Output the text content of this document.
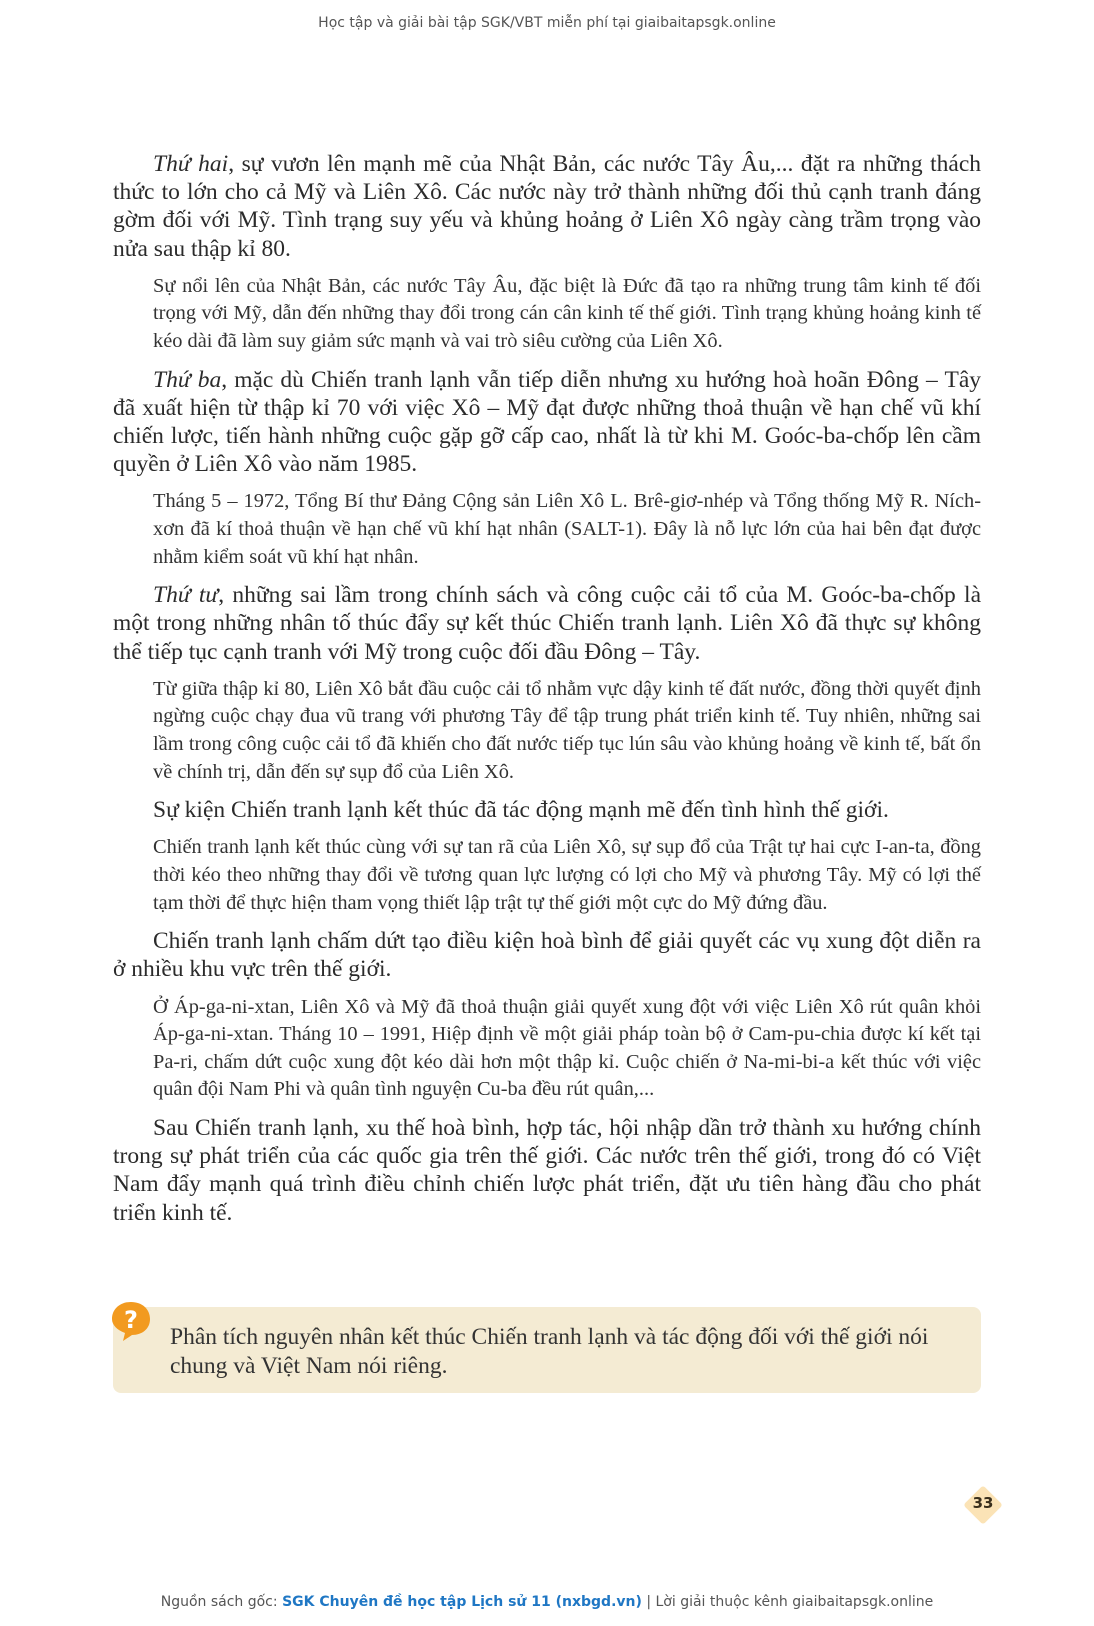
Học tập và giải bài tập SGK/VBT miễn phí tại giaibaitapsgk.online

Thứ hai, sự vươn lên mạnh mẽ của Nhật Bản, các nước Tây Âu,... đặt ra những thách thức to lớn cho cả Mỹ và Liên Xô. Các nước này trở thành những đối thủ cạnh tranh đáng gờm đối với Mỹ. Tình trạng suy yếu và khủng hoảng ở Liên Xô ngày càng trầm trọng vào nửa sau thập kỉ 80.

Sự nổi lên của Nhật Bản, các nước Tây Âu, đặc biệt là Đức đã tạo ra những trung tâm kinh tế đối trọng với Mỹ, dẫn đến những thay đổi trong cán cân kinh tế thế giới. Tình trạng khủng hoảng kinh tế kéo dài đã làm suy giảm sức mạnh và vai trò siêu cường của Liên Xô.

Thứ ba, mặc dù Chiến tranh lạnh vẫn tiếp diễn nhưng xu hướng hoà hoãn Đông – Tây đã xuất hiện từ thập kỉ 70 với việc Xô – Mỹ đạt được những thoả thuận về hạn chế vũ khí chiến lược, tiến hành những cuộc gặp gỡ cấp cao, nhất là từ khi M. Goóc-ba-chốp lên cầm quyền ở Liên Xô vào năm 1985.

Tháng 5 – 1972, Tổng Bí thư Đảng Cộng sản Liên Xô L. Brê-giơ-nhép và Tổng thống Mỹ R. Ních-xơn đã kí thoả thuận về hạn chế vũ khí hạt nhân (SALT-1). Đây là nỗ lực lớn của hai bên đạt được nhằm kiểm soát vũ khí hạt nhân.

Thứ tư, những sai lầm trong chính sách và công cuộc cải tổ của M. Goóc-ba-chốp là một trong những nhân tố thúc đẩy sự kết thúc Chiến tranh lạnh. Liên Xô đã thực sự không thể tiếp tục cạnh tranh với Mỹ trong cuộc đối đầu Đông – Tây.

Từ giữa thập kỉ 80, Liên Xô bắt đầu cuộc cải tổ nhằm vực dậy kinh tế đất nước, đồng thời quyết định ngừng cuộc chạy đua vũ trang với phương Tây để tập trung phát triển kinh tế. Tuy nhiên, những sai lầm trong công cuộc cải tổ đã khiến cho đất nước tiếp tục lún sâu vào khủng hoảng về kinh tế, bất ổn về chính trị, dẫn đến sự sụp đổ của Liên Xô.

Sự kiện Chiến tranh lạnh kết thúc đã tác động mạnh mẽ đến tình hình thế giới.

Chiến tranh lạnh kết thúc cùng với sự tan rã của Liên Xô, sự sụp đổ của Trật tự hai cực I-an-ta, đồng thời kéo theo những thay đổi về tương quan lực lượng có lợi cho Mỹ và phương Tây. Mỹ có lợi thế tạm thời để thực hiện tham vọng thiết lập trật tự thế giới một cực do Mỹ đứng đầu.

Chiến tranh lạnh chấm dứt tạo điều kiện hoà bình để giải quyết các vụ xung đột diễn ra ở nhiều khu vực trên thế giới.

Ở Áp-ga-ni-xtan, Liên Xô và Mỹ đã thoả thuận giải quyết xung đột với việc Liên Xô rút quân khỏi Áp-ga-ni-xtan. Tháng 10 – 1991, Hiệp định về một giải pháp toàn bộ ở Cam-pu-chia được kí kết tại Pa-ri, chấm dứt cuộc xung đột kéo dài hơn một thập kỉ. Cuộc chiến ở Na-mi-bi-a kết thúc với việc quân đội Nam Phi và quân tình nguyện Cu-ba đều rút quân,...

Sau Chiến tranh lạnh, xu thế hoà bình, hợp tác, hội nhập dần trở thành xu hướng chính trong sự phát triển của các quốc gia trên thế giới. Các nước trên thế giới, trong đó có Việt Nam đẩy mạnh quá trình điều chỉnh chiến lược phát triển, đặt ưu tiên hàng đầu cho phát triển kinh tế.

?
Phân tích nguyên nhân kết thúc Chiến tranh lạnh và tác động đối với thế giới nói chung và Việt Nam nói riêng.
33
Nguồn sách gốc: SGK Chuyên đề học tập Lịch sử 11 (nxbgd.vn) | Lời giải thuộc kênh giaibaitapsgk.online
